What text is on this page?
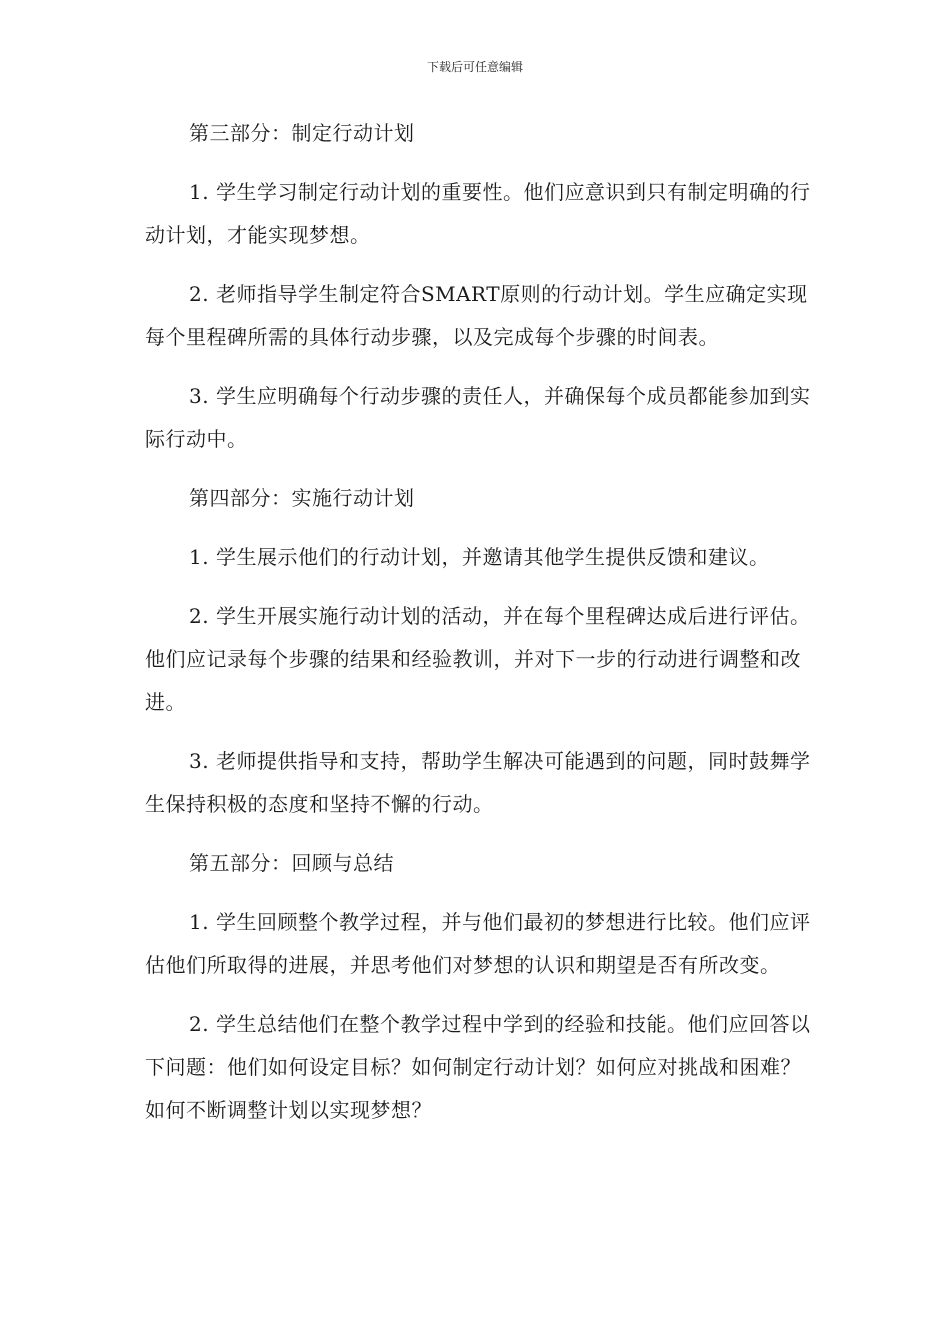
下载后可任意编辑

第三部分：制定行动计划

1. 学生学习制定行动计划的重要性。他们应意识到只有制定明确的行动计划，才能实现梦想。

2. 老师指导学生制定符合SMART原则的行动计划。学生应确定实现每个里程碑所需的具体行动步骤，以及完成每个步骤的时间表。

3. 学生应明确每个行动步骤的责任人，并确保每个成员都能参加到实际行动中。

第四部分：实施行动计划

1. 学生展示他们的行动计划，并邀请其他学生提供反馈和建议。

2. 学生开展实施行动计划的活动，并在每个里程碑达成后进行评估。他们应记录每个步骤的结果和经验教训，并对下一步的行动进行调整和改进。

3. 老师提供指导和支持，帮助学生解决可能遇到的问题，同时鼓舞学生保持积极的态度和坚持不懈的行动。

第五部分：回顾与总结

1. 学生回顾整个教学过程，并与他们最初的梦想进行比较。他们应评估他们所取得的进展，并思考他们对梦想的认识和期望是否有所改变。

2. 学生总结他们在整个教学过程中学到的经验和技能。他们应回答以下问题：他们如何设定目标？如何制定行动计划？如何应对挑战和困难？如何不断调整计划以实现梦想？
